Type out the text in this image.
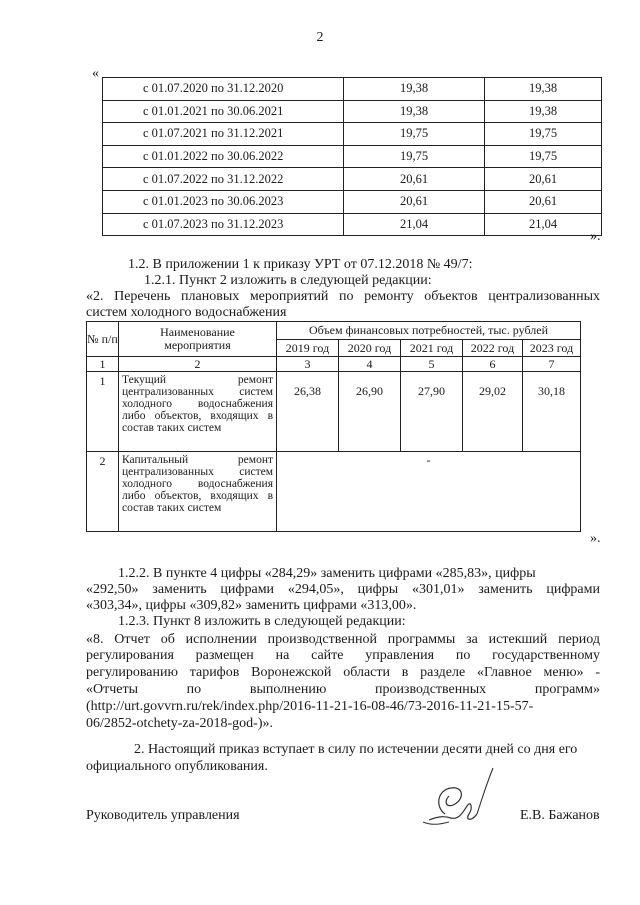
2
«
с 01.07.2020 по 31.12.2020	19,38	19,38
с 01.01.2021 по 30.06.2021	19,38	19,38
с 01.07.2021 по 31.12.2021	19,75	19,75
с 01.01.2022 по 30.06.2022	19,75	19,75
с 01.07.2022 по 31.12.2022	20,61	20,61
с 01.01.2023 по 30.06.2023	20,61	20,61
с 01.07.2023 по 31.12.2023	21,04	21,04
».
1.2. В приложении 1 к приказу УРТ от 07.12.2018 № 49/7:
1.2.1. Пункт 2 изложить в следующей редакции:
«2. Перечень плановых мероприятий по ремонту объектов централизованных
систем холодного водоснабжения
№ п/п	Наименование мероприятия	Объем финансовых потребностей, тыс. рублей				
		2019 год	2020 год	2021 год	2022 год	2023 год
1	2	3	4	5	6	7
1	Текущий ремонт централизованных систем холодного водоснабжения либо объектов, входящих в состав таких систем	26,38	26,90	27,90	29,02	30,18
2	Капитальный ремонт централизованных систем холодного водоснабжения либо объектов, входящих в состав таких систем	-				
».
1.2.2. В пункте 4 цифры «284,29» заменить цифрами «285,83», цифры
«292,50» заменить цифрами «294,05», цифры «301,01» заменить цифрами
«303,34», цифры «309,82» заменить цифрами «313,00».
1.2.3. Пункт 8 изложить в следующей редакции:
«8. Отчет об исполнении производственной программы за истекший период
регулирования размещен на сайте управления по государственному
регулированию тарифов Воронежской области в разделе «Главное меню» -
«Отчеты по выполнению производственных программ»
(http://urt.govvrn.ru/rek/index.php/2016-11-21-16-08-46/73-2016-11-21-15-57-
06/2852-otchety-za-2018-god-)».
2. Настоящий приказ вступает в силу по истечении десяти дней со дня его
официального опубликования.
Руководитель управления	Е.В. Бажанов
